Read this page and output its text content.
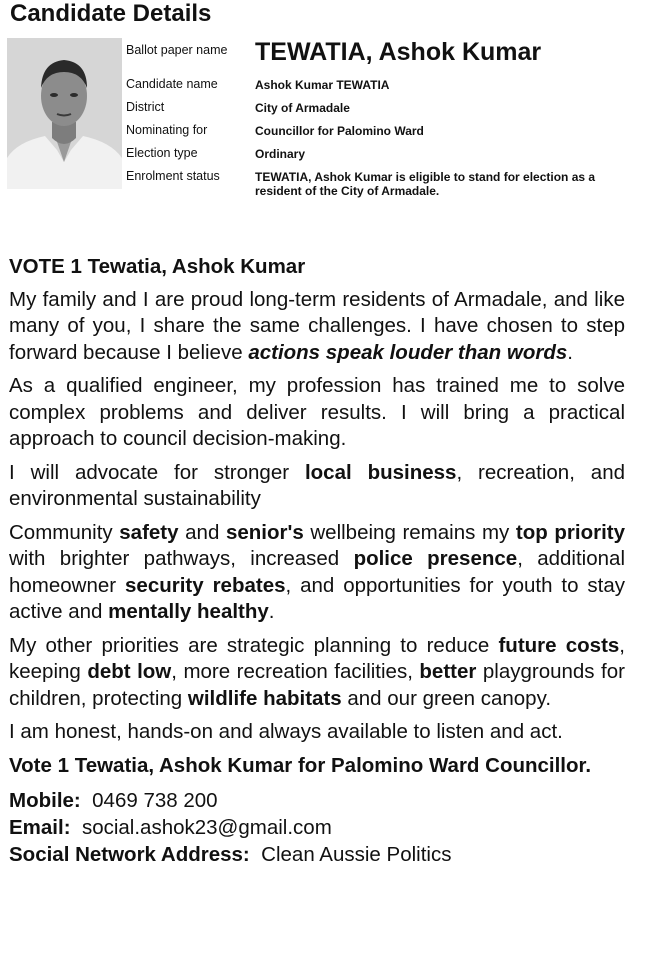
Candidate Details
Ballot paper name	TEWATIA, Ashok Kumar
Candidate name	Ashok Kumar TEWATIA
District	City of Armadale
Nominating for	Councillor for Palomino Ward
Election type	Ordinary
Enrolment status	TEWATIA, Ashok Kumar is eligible to stand for election as a resident of the City of Armadale.

VOTE 1 Tewatia, Ashok Kumar

My family and I are proud long-term residents of Armadale, and like many of you, I share the same challenges. I have chosen to step forward because I believe actions speak louder than words.

As a qualified engineer, my profession has trained me to solve complex problems and deliver results. I will bring a practical approach to council decision-making.

I will advocate for stronger local business, recreation, and environmental sustainability

Community safety and senior's wellbeing remains my top priority with brighter pathways, increased police presence, additional homeowner security rebates, and opportunities for youth to stay active and mentally healthy.

My other priorities are strategic planning to reduce future costs, keeping debt low, more recreation facilities, better playgrounds for children, protecting wildlife habitats and our green canopy.

I am honest, hands-on and always available to listen and act.

Vote 1 Tewatia, Ashok Kumar for Palomino Ward Councillor.

Mobile: 0469 738 200

Email: social.ashok23@gmail.com

Social Network Address: Clean Aussie Politics
